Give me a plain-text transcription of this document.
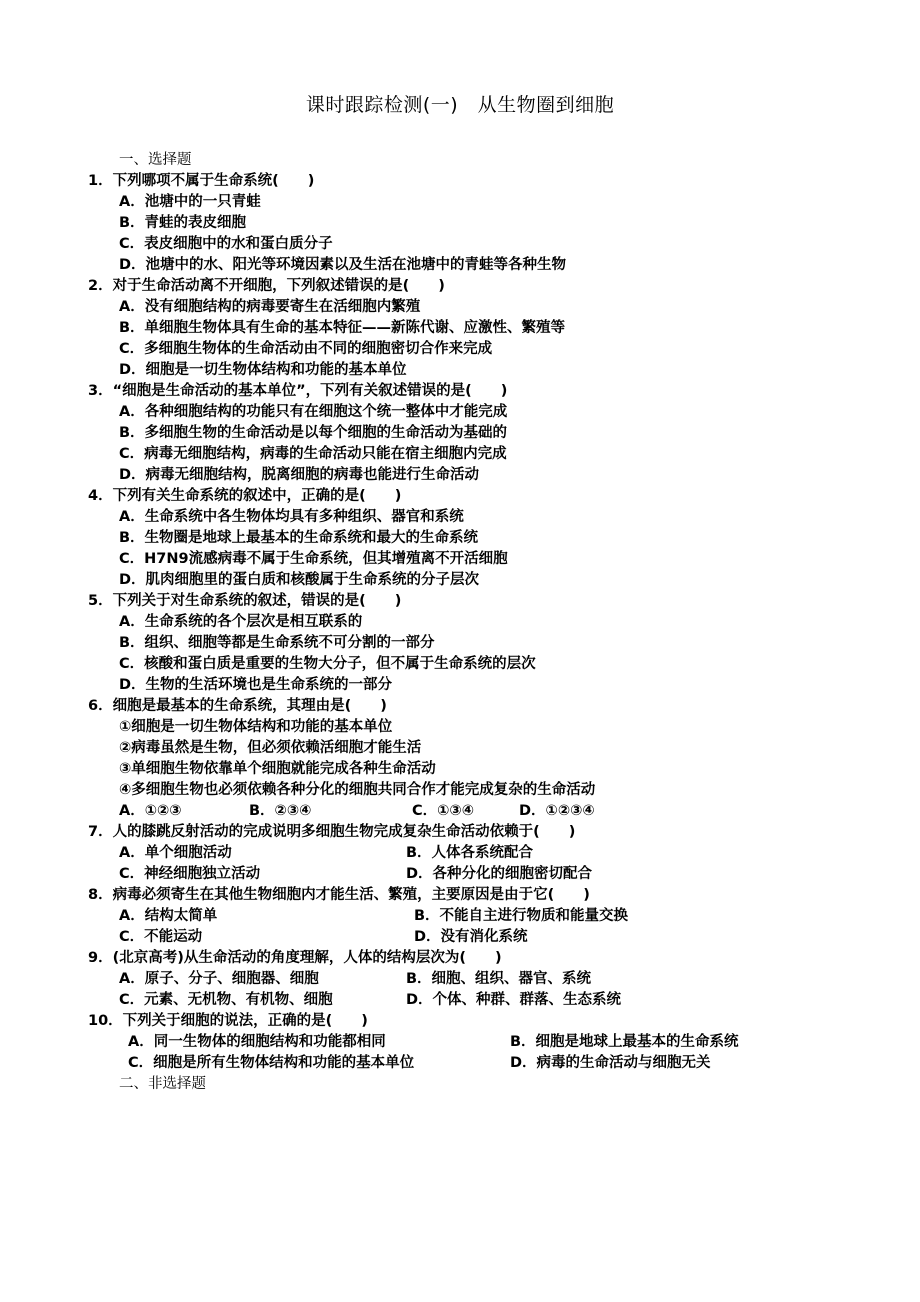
课时跟踪检测(一)　从生物圈到细胞
一、选择题
1．下列哪项不属于生命系统(　　)
A．池塘中的一只青蛙
B．青蛙的表皮细胞
C．表皮细胞中的水和蛋白质分子
D．池塘中的水、阳光等环境因素以及生活在池塘中的青蛙等各种生物
2．对于生命活动离不开细胞，下列叙述错误的是(　　)
A．没有细胞结构的病毒要寄生在活细胞内繁殖
B．单细胞生物体具有生命的基本特征——新陈代谢、应激性、繁殖等
C．多细胞生物体的生命活动由不同的细胞密切合作来完成
D．细胞是一切生物体结构和功能的基本单位
3．“细胞是生命活动的基本单位”，下列有关叙述错误的是(　　)
A．各种细胞结构的功能只有在细胞这个统一整体中才能完成
B．多细胞生物的生命活动是以每个细胞的生命活动为基础的
C．病毒无细胞结构，病毒的生命活动只能在宿主细胞内完成
D．病毒无细胞结构，脱离细胞的病毒也能进行生命活动
4．下列有关生命系统的叙述中，正确的是(　　)
A．生命系统中各生物体均具有多种组织、器官和系统
B．生物圈是地球上最基本的生命系统和最大的生命系统
C．H7N9流感病毒不属于生命系统，但其增殖离不开活细胞
D．肌肉细胞里的蛋白质和核酸属于生命系统的分子层次
5．下列关于对生命系统的叙述，错误的是(　　)
A．生命系统的各个层次是相互联系的
B．组织、细胞等都是生命系统不可分割的一部分
C．核酸和蛋白质是重要的生物大分子，但不属于生命系统的层次
D．生物的生活环境也是生命系统的一部分
6．细胞是最基本的生命系统，其理由是(　　)
①细胞是一切生物体结构和功能的基本单位
②病毒虽然是生物，但必须依赖活细胞才能生活
③单细胞生物依靠单个细胞就能完成各种生命活动
④多细胞生物也必须依赖各种分化的细胞共同合作才能完成复杂的生命活动
A．①②③	B．②③④	C．①③④	D．①②③④
7．人的膝跳反射活动的完成说明多细胞生物完成复杂生命活动依赖于(　　)
A．单个细胞活动	B．人体各系统配合
C．神经细胞独立活动	D．各种分化的细胞密切配合
8．病毒必须寄生在其他生物细胞内才能生活、繁殖，主要原因是由于它(　　)
A．结构太简单	B．不能自主进行物质和能量交换
C．不能运动	D．没有消化系统
9．(北京高考)从生命活动的角度理解，人体的结构层次为(　　)
A．原子、分子、细胞器、细胞	B．细胞、组织、器官、系统
C．元素、无机物、有机物、细胞	D．个体、种群、群落、生态系统
10．下列关于细胞的说法，正确的是(　　)
A．同一生物体的细胞结构和功能都相同	B．细胞是地球上最基本的生命系统
C．细胞是所有生物体结构和功能的基本单位	D．病毒的生命活动与细胞无关
二、非选择题
